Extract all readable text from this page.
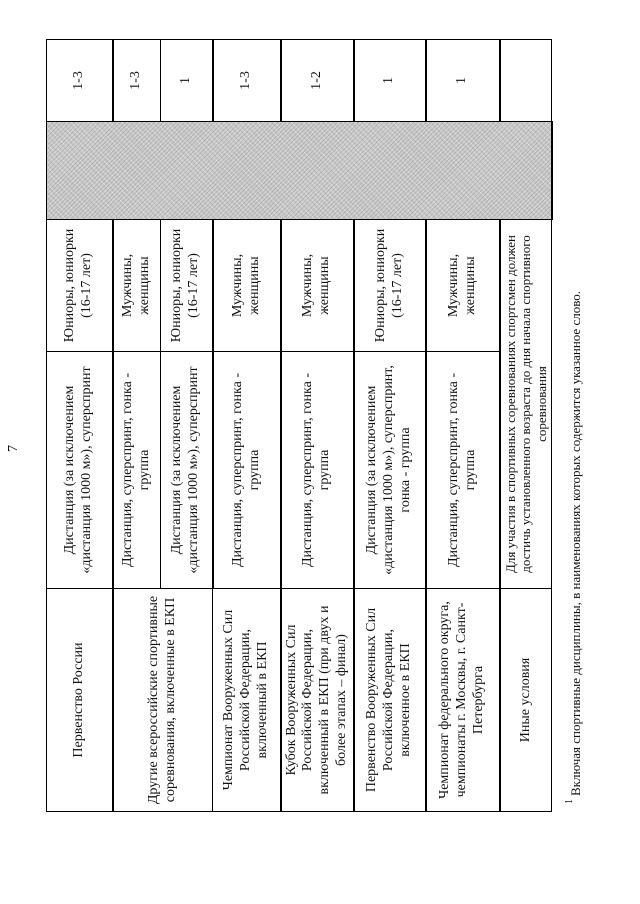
7
Первенство России	Дистанция (за исключением «дистанция 1000 м»), суперспринт	Юниоры, юниорки (16-17 лет)		1-3
Другие всероссийские спортивные соревнования, включенные в ЕКП	Дистанция, суперспринт, гонка - группа	Мужчины, женщины		1-3
	Дистанция (за исключением «дистанция 1000 м»), суперспринт	Юниоры, юниорки (16-17 лет)		1
Чемпионат Вооруженных Сил Российской Федерации, включенный в ЕКП	Дистанция, суперспринт, гонка - группа	Мужчины, женщины		1-3
Кубок Вооруженных Сил Российской Федерации, включенный в ЕКП (при двух и более этапах – финал)	Дистанция, суперспринт, гонка - группа	Мужчины, женщины		1-2
Первенство Вооруженных Сил Российской Федерации, включенное в ЕКП	Дистанция (за исключением «дистанция 1000 м»), суперспринт, гонка - группа	Юниоры, юниорки (16-17 лет)		1
Чемпионат федерального округа, чемпионаты г. Москвы, г. Санкт-Петербурга	Дистанция, суперспринт, гонка - группа	Мужчины, женщины		1
Иные условия	Для участия в спортивных соревнованиях спортсмен должен достичь установленного возраста до дня начала спортивного соревнования			
1
Включая спортивные дисциплины, в наименованиях которых содержится указанное слово.
